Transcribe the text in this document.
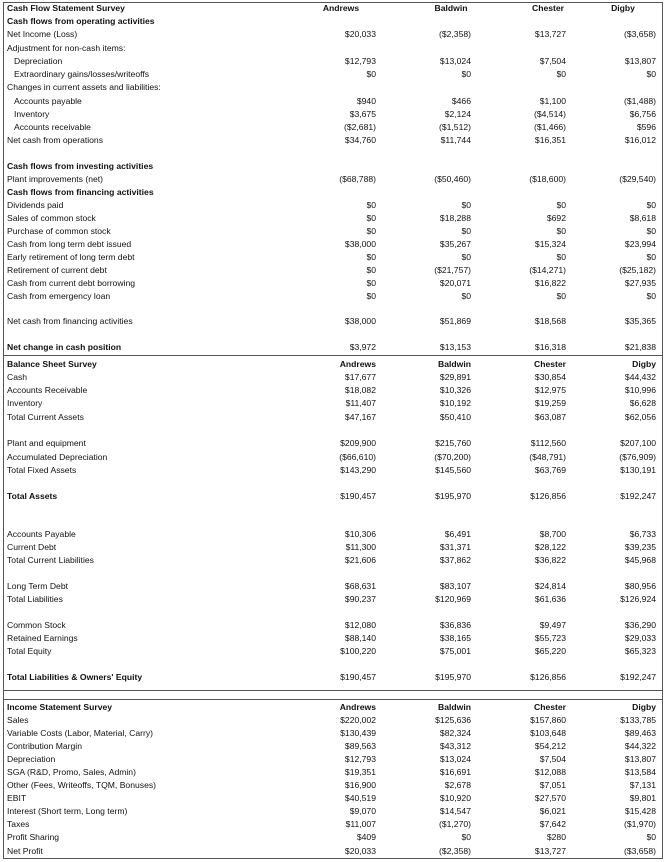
Cash Flow Statement Survey	Andrews	Baldwin	Chester	Digby
Cash flows from operating activities
Net Income (Loss)	$20,033	($2,358)	$13,727	($3,658)
Adjustment for non-cash items:
Depreciation	$12,793	$13,024	$7,504	$13,807
Extraordinary gains/losses/writeoffs	$0	$0	$0	$0
Changes in current assets and liabilities:
Accounts payable	$940	$466	$1,100	($1,488)
Inventory	$3,675	$2,124	($4,514)	$6,756
Accounts receivable	($2,681)	($1,512)	($1,466)	$596
Net cash from operations	$34,760	$11,744	$16,351	$16,012
Cash flows from investing activities
Plant improvements (net)	($68,788)	($50,460)	($18,600)	($29,540)
Cash flows from financing activities
Dividends paid	$0	$0	$0	$0
Sales of common stock	$0	$18,288	$692	$8,618
Purchase of common stock	$0	$0	$0	$0
Cash from long term debt issued	$38,000	$35,267	$15,324	$23,994
Early retirement of long term debt	$0	$0	$0	$0
Retirement of current debt	$0	($21,757)	($14,271)	($25,182)
Cash from current debt borrowing	$0	$20,071	$16,822	$27,935
Cash from emergency loan	$0	$0	$0	$0
Net cash from financing activities	$38,000	$51,869	$18,568	$35,365
Net change in cash position	$3,972	$13,153	$16,318	$21,838
Balance Sheet Survey	Andrews	Baldwin	Chester	Digby
Cash	$17,677	$29,891	$30,854	$44,432
Accounts Receivable	$18,082	$10,326	$12,975	$10,996
Inventory	$11,407	$10,192	$19,259	$6,628
Total Current Assets	$47,167	$50,410	$63,087	$62,056
Plant and equipment	$209,900	$215,760	$112,560	$207,100
Accumulated Depreciation	($66,610)	($70,200)	($48,791)	($76,909)
Total Fixed Assets	$143,290	$145,560	$63,769	$130,191
Total Assets	$190,457	$195,970	$126,856	$192,247
Accounts Payable	$10,306	$6,491	$8,700	$6,733
Current Debt	$11,300	$31,371	$28,122	$39,235
Total Current Liabilities	$21,606	$37,862	$36,822	$45,968
Long Term Debt	$68,631	$83,107	$24,814	$80,956
Total Liabilities	$90,237	$120,969	$61,636	$126,924
Common Stock	$12,080	$36,836	$9,497	$36,290
Retained Earnings	$88,140	$38,165	$55,723	$29,033
Total Equity	$100,220	$75,001	$65,220	$65,323
Total Liabilities & Owners' Equity	$190,457	$195,970	$126,856	$192,247
Income Statement Survey	Andrews	Baldwin	Chester	Digby
Sales	$220,002	$125,636	$157,860	$133,785
Variable Costs (Labor, Material, Carry)	$130,439	$82,324	$103,648	$89,463
Contribution Margin	$89,563	$43,312	$54,212	$44,322
Depreciation	$12,793	$13,024	$7,504	$13,807
SGA (R&D, Promo, Sales, Admin)	$19,351	$16,691	$12,088	$13,584
Other (Fees, Writeoffs, TQM, Bonuses)	$16,900	$2,678	$7,051	$7,131
EBIT	$40,519	$10,920	$27,570	$9,801
Interest (Short term, Long term)	$9,070	$14,547	$6,021	$15,428
Taxes	$11,007	($1,270)	$7,642	($1,970)
Profit Sharing	$409	$0	$280	$0
Net Profit	$20,033	($2,358)	$13,727	($3,658)
